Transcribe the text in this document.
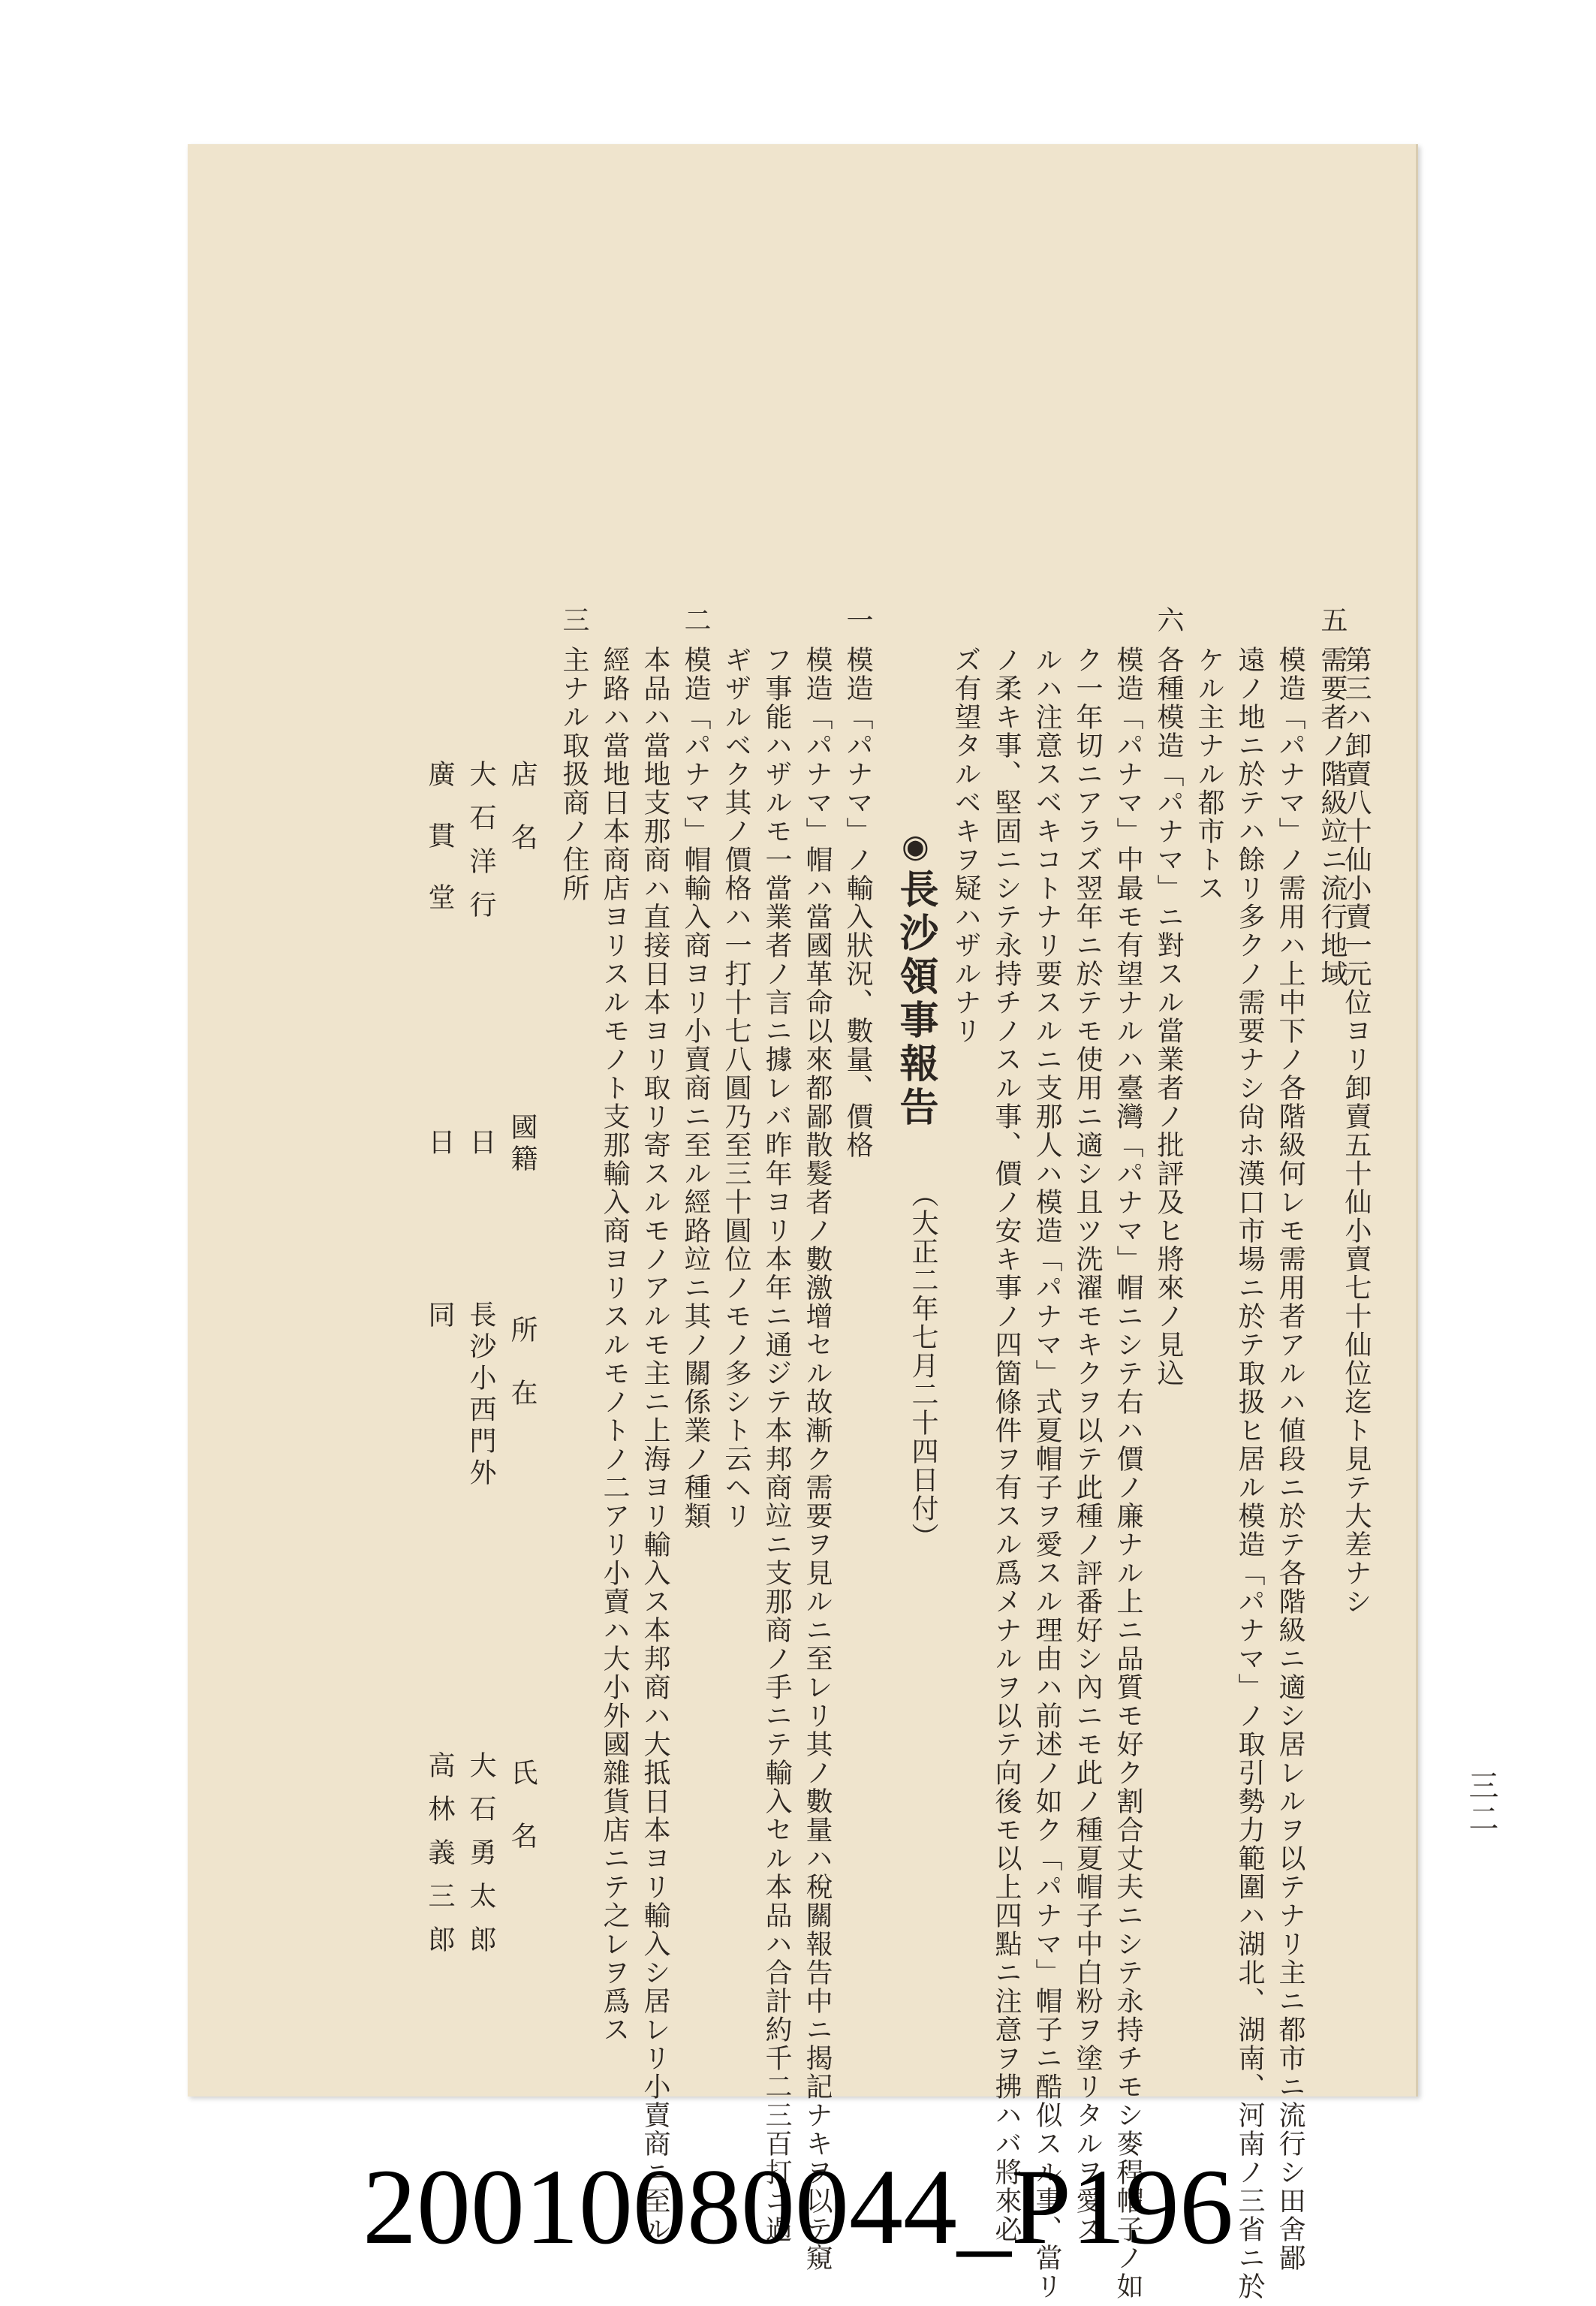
三二
第三ハ卸賣八十仙小賣一元位ヨリ卸賣五十仙小賣七十仙位迄ト見テ大差ナシ
五
需要者ノ階級竝ニ流行地域
模造「パナマ」ノ需用ハ上中下ノ各階級何レモ需用者アルハ値段ニ於テ各階級ニ適シ居レルヲ以テナリ主ニ都市ニ流行シ田舍鄙
遠ノ地ニ於テハ餘リ多クノ需要ナシ尙ホ漢口市場ニ於テ取扱ヒ居ル模造「パナマ」ノ取引勢力範圍ハ湖北、湖南、河南ノ三省ニ於
ケル主ナル都市トス
六
各種模造「パナマ」ニ對スル當業者ノ批評及ヒ將來ノ見込
模造「パナマ」中最モ有望ナルハ臺灣「パナマ」帽ニシテ右ハ價ノ廉ナル上ニ品質モ好ク割合丈夫ニシテ永持チモシ麥稈帽子ノ如
ク一年切ニアラズ翌年ニ於テモ使用ニ適シ且ツ洗濯モキクヲ以テ此種ノ評番好シ內ニモ此ノ種夏帽子中白粉ヲ塗リタルヲ愛ス
ルハ注意スベキコトナリ要スルニ支那人ハ模造「パナマ」式夏帽子ヲ愛スル理由ハ前述ノ如ク「パナマ」帽子ニ酷似スル事、當リ
ノ柔キ事、堅固ニシテ永持チノスル事、價ノ安キ事ノ四箇條件ヲ有スル爲メナルヲ以テ向後モ以上四點ニ注意ヲ拂ハバ將來必
ズ有望タルベキヲ疑ハザルナリ
◉長沙領事報告
（大正二年七月二十四日付）
一
模造「パナマ」ノ輸入狀況、數量、價格
模造「パナマ」帽ハ當國革命以來都鄙散髮者ノ數激增セル故漸ク需要ヲ見ルニ至レリ其ノ數量ハ稅關報告中ニ揭記ナキヲ以テ窺
フ事能ハザルモ一當業者ノ言ニ據レバ昨年ヨリ本年ニ通ジテ本邦商竝ニ支那商ノ手ニテ輸入セル本品ハ合計約千二三百打ニ過
ギザルベク其ノ價格ハ一打十七八圓乃至三十圓位ノモノ多シト云ヘリ
二
模造「パナマ」帽輸入商ヨリ小賣商ニ至ル經路竝ニ其ノ關係業ノ種類
本品ハ當地支那商ハ直接日本ヨリ取リ寄スルモノアルモ主ニ上海ヨリ輸入ス本邦商ハ大抵日本ヨリ輸入シ居レリ小賣商ニ至ル
經路ハ當地日本商店ヨリスルモノト支那輸入商ヨリスルモノトノ二アリ小賣ハ大小外國雜貨店ニテ之レヲ爲ス
三
主ナル取扱商ノ住所
店　名
國籍
所　在
氏　名
大石洋行
日
長沙小西門外
大石勇太郎
廣貫堂
日
同
高林義三郎
20010080044_P196
